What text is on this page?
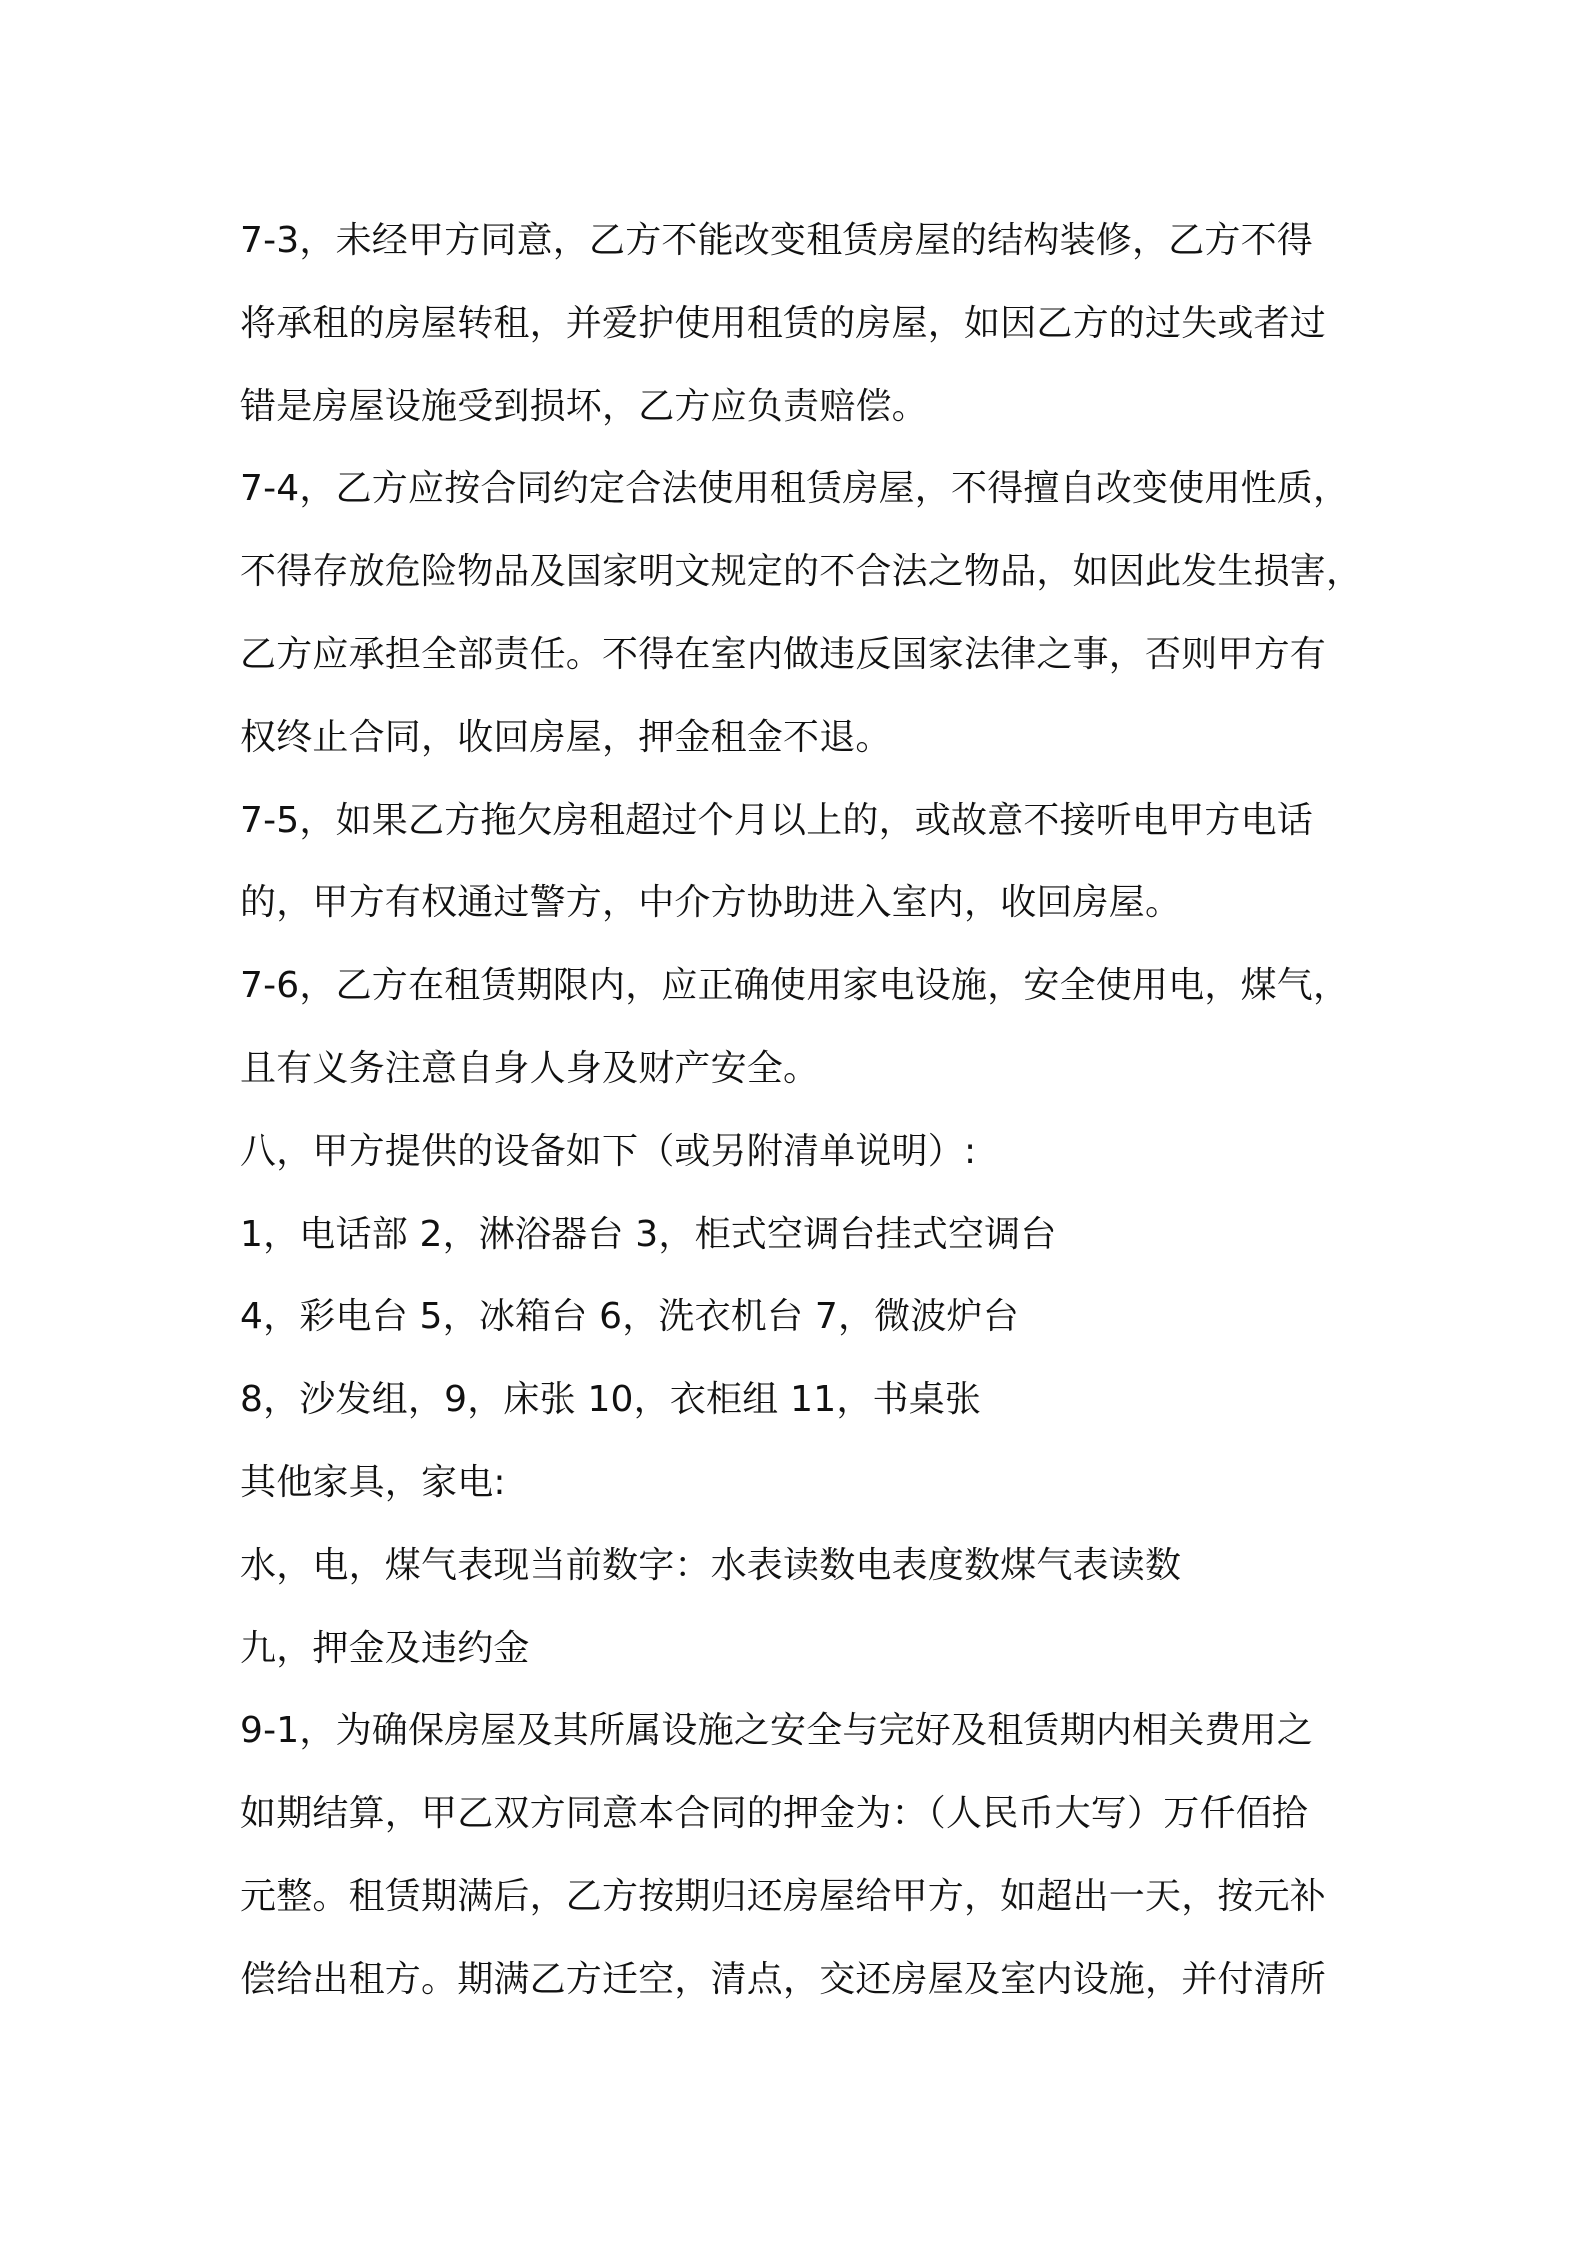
7-3，未经甲方同意，乙方不能改变租赁房屋的结构装修，乙方不得
将承租的房屋转租，并爱护使用租赁的房屋，如因乙方的过失或者过
错是房屋设施受到损坏，乙方应负责赔偿。
7-4，乙方应按合同约定合法使用租赁房屋，不得擅自改变使用性质，
不得存放危险物品及国家明文规定的不合法之物品，如因此发生损害，
乙方应承担全部责任。不得在室内做违反国家法律之事，否则甲方有
权终止合同，收回房屋，押金租金不退。
7-5，如果乙方拖欠房租超过个月以上的，或故意不接听电甲方电话
的，甲方有权通过警方，中介方协助进入室内，收回房屋。
7-6，乙方在租赁期限内，应正确使用家电设施，安全使用电，煤气，
且有义务注意自身人身及财产安全。
八，甲方提供的设备如下（或另附清单说明）:
1，电话部 2，淋浴器台 3，柜式空调台挂式空调台
4，彩电台 5，冰箱台 6，洗衣机台 7，微波炉台
8，沙发组，9，床张 10，衣柜组 11，书桌张
其他家具，家电:
水，电，煤气表现当前数字：水表读数电表度数煤气表读数
九，押金及违约金
9-1，为确保房屋及其所属设施之安全与完好及租赁期内相关费用之
如期结算，甲乙双方同意本合同的押金为：（人民币大写）万仟佰拾
元整。租赁期满后，乙方按期归还房屋给甲方，如超出一天，按元补
偿给出租方。期满乙方迁空，清点，交还房屋及室内设施，并付清所
